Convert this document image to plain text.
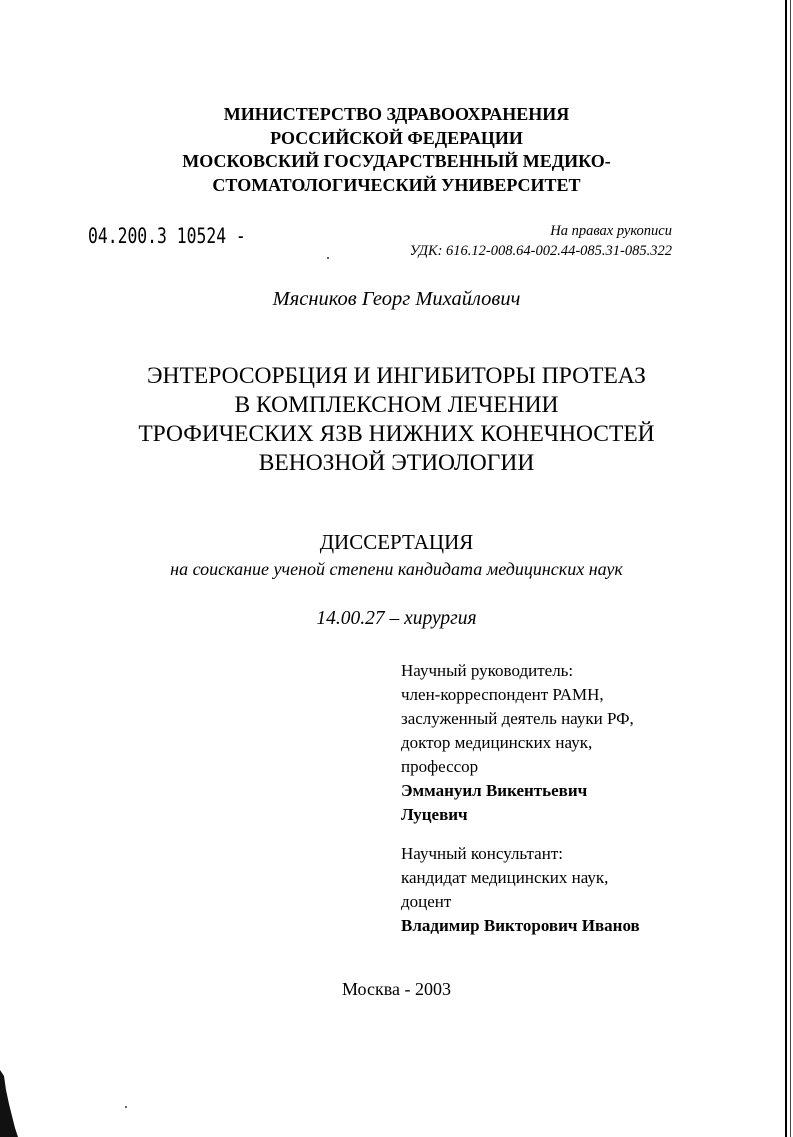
МИНИСТЕРСТВО ЗДРАВООХРАНЕНИЯ
РОССИЙСКОЙ ФЕДЕРАЦИИ
МОСКОВСКИЙ ГОСУДАРСТВЕННЫЙ МЕДИКО-
СТОМАТОЛОГИЧЕСКИЙ УНИВЕРСИТЕТ
04.200.3 10524 -	На правах рукописи
УДК: 616.12-008.64-002.44-085.31-085.322
Мясников Георг Михайлович
ЭНТЕРОСОРБЦИЯ И ИНГИБИТОРЫ ПРОТЕАЗ
В КОМПЛЕКСНОМ ЛЕЧЕНИИ
ТРОФИЧЕСКИХ ЯЗВ НИЖНИХ КОНЕЧНОСТЕЙ
ВЕНОЗНОЙ ЭТИОЛОГИИ
ДИССЕРТАЦИЯ
на соискание ученой степени кандидата медицинских наук
14.00.27 – хирургия
Научный руководитель:
член-корреспондент РАМН,
заслуженный деятель науки РФ,
доктор медицинских наук,
профессор
Эммануил Викентьевич
Луцевич
Научный консультант:
кандидат медицинских наук,
доцент
Владимир Викторович Иванов
Москва - 2003
